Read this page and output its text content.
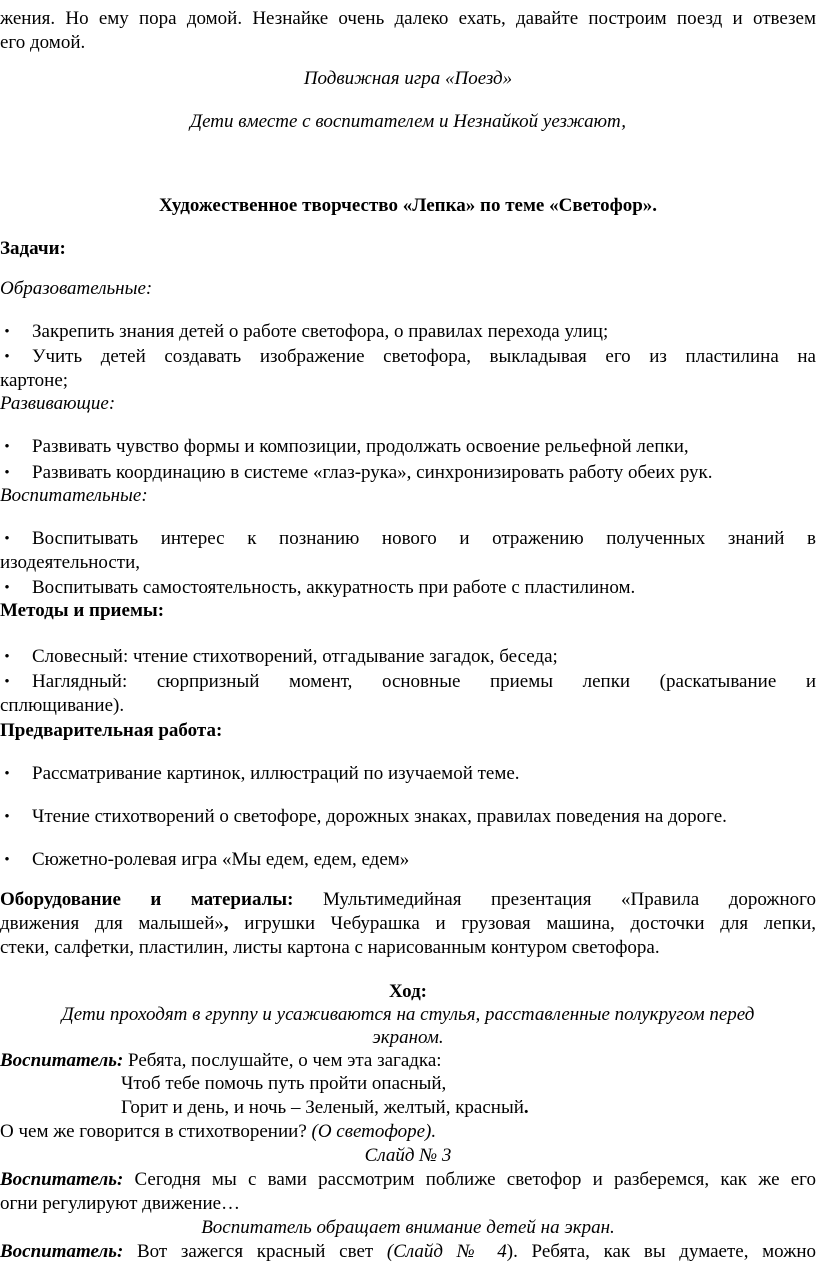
жения. Но ему пора домой. Незнайке очень далеко ехать, давайте построим поезд и отвезем
его домой.
Подвижная игра «Поезд»
Дети вместе с воспитателем и Незнайкой уезжают,
Художественное творчество «Лепка» по теме «Светофор».
Задачи:
Образовательные:
• Закрепить знания детей о работе светофора, о правилах перехода улиц;
• Учить детей создавать изображение светофора, выкладывая его из пластилина на
картоне;
Развивающие:
• Развивать чувство формы и композиции, продолжать освоение рельефной лепки,
• Развивать координацию в системе «глаз-рука», синхронизировать работу обеих рук.
Воспитательные:
• Воспитывать интерес к познанию нового и отражению полученных знаний в
изодеятельности,
• Воспитывать самостоятельность, аккуратность при работе с пластилином.
Методы и приемы:
• Словесный: чтение стихотворений, отгадывание загадок, беседа;
• Наглядный: сюрпризный момент, основные приемы лепки (раскатывание и
сплющивание).
Предварительная работа:
• Рассматривание картинок, иллюстраций по изучаемой теме.
• Чтение стихотворений о светофоре, дорожных знаках, правилах поведения на дороге.
• Сюжетно-ролевая игра «Мы едем, едем, едем»
Оборудование и материалы: Мультимедийная презентация «Правила дорожного
движения для малышей», игрушки Чебурашка и грузовая машина, досточки для лепки,
стеки, салфетки, пластилин, листы картона с нарисованным контуром светофора.
Ход:
Дети проходят в группу и усаживаются на стулья, расставленные полукругом перед
экраном.
Воспитатель: Ребята, послушайте, о чем эта загадка:
Чтоб тебе помочь путь пройти опасный,
Горит и день, и ночь – Зеленый, желтый, красный.
О чем же говорится в стихотворении? (О светофоре).
Слайд № 3
Воспитатель: Сегодня мы с вами рассмотрим поближе светофор и разберемся, как же его
огни регулируют движение…
Воспитатель обращает внимание детей на экран.
Воспитатель: Вот зажегся красный свет (Слайд № 4). Ребята, как вы думаете, можно
